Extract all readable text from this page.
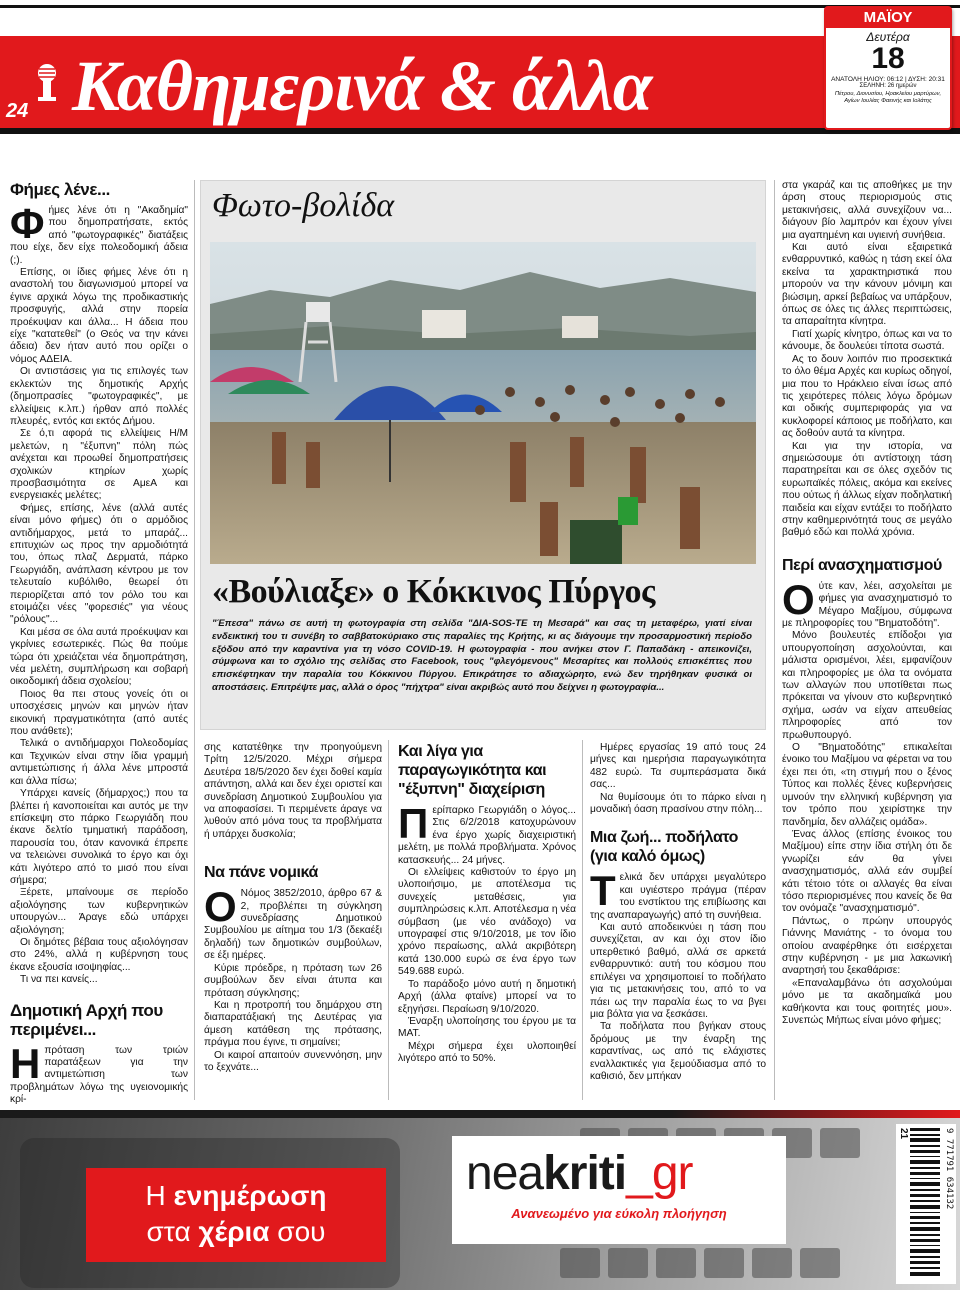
24 Καθημερινά & άλλα
ΜΑΪΟΥ
Δευτέρα
18
ΑΝΑΤΟΛΗ ΗΛΙΟΥ: 06:12 | ΔΥΣΗ: 20:31
ΣΕΛΗΝΗ: 26 ημερών
Πέτρου, Διονυσίου, Ηρακλείου μαρτύρων, Αγίων Ιουλίας Φαεινής και Ιολάτης
Φήμες λένε...

Φήμες λένε ότι η "Ακαδημία" που δημοπρατήσατε, εκτός από "φωτογραφικές" διατάξεις που είχε, δεν είχε πολεοδομική άδεια (;).

Επίσης, οι ίδιες φήμες λένε ότι η αναστολή του διαγωνισμού μπορεί να έγινε αρχικά λόγω της προδικαστικής προσφυγής, αλλά στην πορεία προέκυψαν και άλλα... Η άδεια που είχε "κατατεθεί" (ο Θεός να την κάνει άδεια) δεν ήταν αυτό που ορίζει ο νόμος ΑΔΕΙΑ.

Οι αντιστάσεις για τις επιλογές των εκλεκτών της δημοτικής Αρχής (δημοπρασίες "φωτογραφικές", με ελλείψεις κ.λπ.) ήρθαν από πολλές πλευρές, εντός και εκτός Δήμου.

Σε ό,τι αφορά τις ελλείψεις Η/Μ μελετών, η "έξυπνη" πόλη πώς ανέχεται και προωθεί δημοπρατήσεις σχολικών κτηρίων χωρίς προσβασιμότητα σε ΑμεΑ και ενεργειακές μελέτες;

Φήμες, επίσης, λένε (αλλά αυτές είναι μόνο φήμες) ότι ο αρμόδιος αντιδήμαρχος, μετά το μπαράζ... επιτυχιών ως προς την αρμοδιότητά του, όπως πλαζ Δερματά, πάρκο Γεωργιάδη, ανάπλαση κέντρου με τον τελευταίο κυβόλιθο, θεωρεί ότι περιορίζεται από τον ρόλο του και ετοιμάζει νέες "φορεσιές" για νέους "ρόλους"...

Και μέσα σε όλα αυτά προέκυψαν και γκρίνιες εσωτερικές. Πώς θα πούμε τώρα ότι χρειάζεται νέα δημοπράτηση, νέα μελέτη, συμπλήρωση και σοβαρή οικοδομική άδεια σχολείου;

Ποιος θα πει στους γονείς ότι οι υποσχέσεις μηνών και μηνών ήταν εικονική πραγματικότητα (από αυτές που ανάθετε);

Τελικά ο αντιδήμαρχοι Πολεοδομίας και Τεχνικών είναι στην ίδια γραμμή αντιμετώπισης ή άλλα λένε μπροστά και άλλα πίσω;

Υπάρχει κανείς (δήμαρχος;) που τα βλέπει ή κανοποιείται και αυτός με την επίσκεψη στο πάρκο Γεωργιάδη που έκανε δελτίο τμηματική παράδοση, παρουσία του, όταν κανονικά έπρεπε να τελειώνει συνολικά το έργο και όχι κάτι λιγότερο από το μισό που είναι σήμερα;

Ξέρετε, μπαίνουμε σε περίοδο αξιολόγησης των κυβερνητικών υπουργών... Άραγε εδώ υπάρχει αξιολόγηση;

Οι δημότες βέβαια τους αξιολόγησαν στο 24%, αλλά η κυβέρνηση τους έκανε εξουσία ισοψηφίας...

Τι να πει κανείς...

Δημοτική Αρχή που περιμένει...

Ηπρόταση των τριών παρατάξεων για την αντιμετώπιση των προβλημάτων λόγω της υγειονομικής κρί-

Φωτο-βολίδα
«Βούλιαξε» ο Κόκκινος Πύργος
"Έπεσα" πάνω σε αυτή τη φωτογραφία στη σελίδα "ΔΙΑ-SOS-TE τη Μεσαρά" και σας τη μεταφέρω, γιατί είναι ενδεικτική του τι συνέβη το σαββατοκύριακο στις παραλίες της Κρήτης, κι ας διάγουμε την προσαρμοστική περίοδο εξόδου από την καραντίνα για τη νόσο COVID-19. Η φωτογραφία - που ανήκει στον Γ. Παπαδάκη - απεικονίζει, σύμφωνα και το σχόλιο της σελίδας στο Facebook, τους "φλεγόμενους" Μεσαρίτες και πολλούς επισκέπτες που επισκέφτηκαν την παραλία του Κόκκινου Πύργου. Επικράτησε το αδιαχώρητο, ενώ δεν τηρήθηκαν φυσικά οι αποστάσεις. Επιτρέψτε μας, αλλά ο όρος "πήχτρα" είναι ακριβώς αυτό που δείχνει η φωτογραφία...

σης κατατέθηκε την προηγούμενη Τρίτη 12/5/2020. Μέχρι σήμερα Δευτέρα 18/5/2020 δεν έχει δοθεί καμία απάντηση, αλλά και δεν έχει οριστεί και συνεδρίαση Δημοτικού Συμβουλίου για να αποφασίσει. Τι περιμένετε άραγε να λυθούν από μόνα τους τα προβλήματα ή υπάρχει δυσκολία;

Να πάνε νομικά

Ο Νόμος 3852/2010, άρθρο 67 & 2, προβλέπει τη σύγκληση συνεδρίασης Δημοτικού Συμβουλίου με αίτημα του 1/3 (δεκαέξι δηλαδή) των δημοτικών συμβούλων, σε έξι ημέρες.

Κύριε πρόεδρε, η πρόταση των 26 συμβούλων δεν είναι άτυπα και πρόταση σύγκλησης;

Και η προτροπή του δημάρχου στη διαπαρατάξιακή της Δευτέρας για άμεση κατάθεση της πρότασης, πράγμα που έγινε, τι σημαίνει;

Οι καιροί απαιτούν συνεννόηση, μην το ξεχνάτε...

Και λίγα για παραγωγικότητα και "έξυπνη" διαχείριση

Περίπαρκο Γεωργιάδη ο λόγος... Στις 6/2/2018 κατοχυρώνουν ένα έργο χωρίς διαχειριστική μελέτη, με πολλά προβλήματα. Χρόνος κατασκευής... 24 μήνες.

Οι ελλείψεις καθιστούν το έργο μη υλοποιήσιμο, με αποτέλεσμα τις συνεχείς μεταθέσεις, για συμπληρώσεις κ.λπ. Αποτέλεσμα η νέα σύμβαση (με νέο ανάδοχο) να υπογραφεί στις 9/10/2018, με τον ίδιο χρόνο περαίωσης, αλλά ακριβότερη κατά 130.000 ευρώ σε ένα έργο των 549.688 ευρώ.

Το παράδοξο μόνο αυτή η δημοτική Αρχή (άλλα φταίνε) μπορεί να το εξηγήσει. Περαίωση 9/10/2020.

Έναρξη υλοποίησης του έργου με τα ΜΑΤ.

Μέχρι σήμερα έχει υλοποιηθεί λιγότερο από το 50%.

Ημέρες εργασίας 19 από τους 24 μήνες και ημερήσια παραγωγικότητα 482 ευρώ. Τα συμπεράσματα δικά σας...

Να θυμίσουμε ότι το πάρκο είναι η μοναδική όαση πρασίνου στην πόλη...

Μια ζωή... ποδήλατο (για καλό όμως)

Τελικά δεν υπάρχει μεγαλύτερο και υγιέστερο πράγμα (πέραν του ενστίκτου της επιβίωσης και της αναπαραγωγής) από τη συνήθεια.

Και αυτό αποδεικνύει η τάση που συνεχίζεται, αν και όχι στον ίδιο υπερθετικό βαθμό, αλλά σε αρκετά ενθαρρυντικό: αυτή του κόσμου που επιλέγει να χρησιμοποιεί το ποδήλατο για τις μετακινήσεις του, από το να πάει ως την παραλία έως το να βγει μια βόλτα για να ξεσκάσει.

Τα ποδήλατα που βγήκαν στους δρόμους με την έναρξη της καραντίνας, ως από τις ελάχιστες εναλλακτικές για ξεμούδιασμα από το καθισιό, δεν μπήκαν

στα γκαράζ και τις αποθήκες με την άρση στους περιορισμούς στις μετακινήσεις, αλλά συνεχίζουν να... διάγουν βίο λαμπρόν και έχουν γίνει μια αγαπημένη και υγιεινή συνήθεια.

Και αυτό είναι εξαιρετικά ενθαρρυντικό, καθώς η τάση εκεί όλα εκείνα τα χαρακτηριστικά που μπορούν να την κάνουν μόνιμη και βιώσιμη, αρκεί βεβαίως να υπάρξουν, όπως σε όλες τις άλλες περιπτώσεις, τα απαραίτητα κίνητρα.

Γιατί χωρίς κίνητρο, όπως και να το κάνουμε, δε δουλεύει τίποτα σωστά.

Ας το δουν λοιπόν πιο προσεκτικά το όλο θέμα Αρχές και κυρίως οδηγοί, μια που το Ηράκλειο είναι ίσως από τις χειρότερες πόλεις λόγω δρόμων και οδικής συμπεριφοράς για να κυκλοφορεί κάποιος με ποδήλατο, και ας δοθούν αυτά τα κίνητρα.

Και για την ιστορία, να σημειώσουμε ότι αντίστοιχη τάση παρατηρείται και σε όλες σχεδόν τις ευρωπαϊκές πόλεις, ακόμα και εκείνες που ούτως ή άλλως είχαν ποδηλατική παιδεία και είχαν εντάξει το ποδήλατο στην καθημερινότητά τους σε μεγάλο βαθμό εδώ και πολλά χρόνια.

Περί ανασχηματισμού

Ούτε καν, λέει, ασχολείται με φήμες για ανασχηματισμό το Μέγαρο Μαξίμου, σύμφωνα με πληροφορίες του "Βηματοδότη".

Μόνο βουλευτές επίδοξοι για υπουργοποίηση ασχολούνται, και μάλιστα ορισμένοι, λέει, εμφανίζουν και πληροφορίες με όλα τα ονόματα των αλλαγών που υποτίθεται πως πρόκειται να γίνουν στο κυβερνητικό σχήμα, ωσάν να είχαν απευθείας πληροφορίες από τον πρωθυπουργό.

Ο "Βηματοδότης" επικαλείται ένοικο του Μαξίμου να φέρεται να του έχει πει ότι, «τη στιγμή που ο ξένος Τύπος και πολλές ξένες κυβερνήσεις υμνούν την ελληνική κυβέρνηση για τον τρόπο που χειρίστηκε την πανδημία, δεν αλλάζεις ομάδα».

Ένας άλλος (επίσης ένοικος του Μαξίμου) είπε στην ίδια στήλη ότι δε γνωρίζει εάν θα γίνει ανασχηματισμός, αλλά εάν συμβεί κάτι τέτοιο τότε οι αλλαγές θα είναι τόσο περιορισμένες που κανείς δε θα τον ονόμαζε "ανασχηματισμό".

Πάντως, ο πρώην υπουργός Γιάννης Μανιάτης - το όνομα του οποίου αναφέρθηκε ότι εισέρχεται στην κυβέρνηση - με μια λακωνική αναρτησή του ξεκαθάρισε:

«Επαναλαμβάνω ότι ασχολούμαι μόνο με τα ακαδημαϊκά μου καθήκοντα και τους φοιτητές μου». Συνεπώς Μήπως είναι μόνο φήμες;

Η ενημέρωση
στα χέρια σου
neakriti_gr
Ανανεωμένο για εύκολη πλοήγηση
9 771791 634132
21
